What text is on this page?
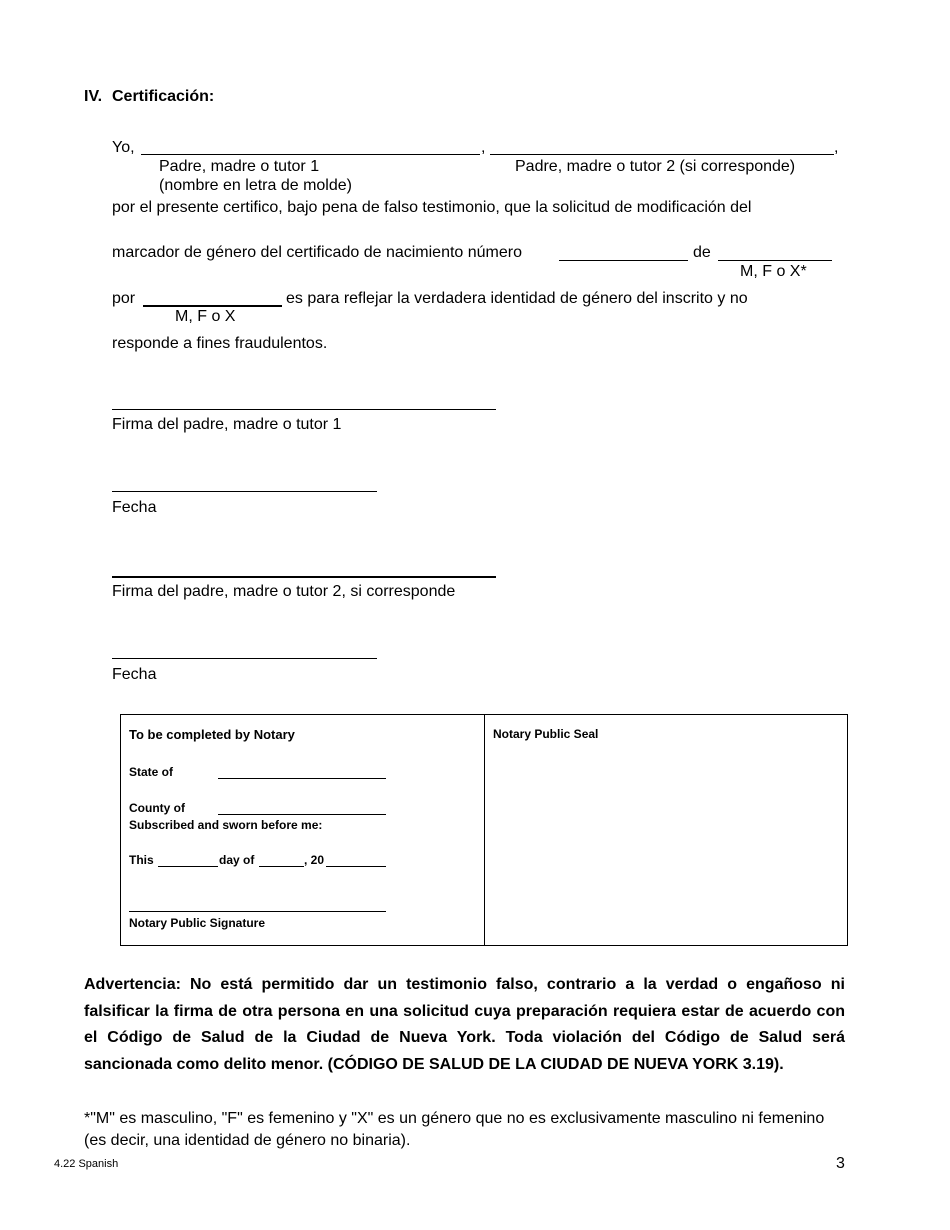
IV. Certificación:
Yo,	,	,
Padre, madre o tutor 1
(nombre en letra de molde)
Padre, madre o tutor 2 (si corresponde)
por el presente certifico, bajo pena de falso testimonio, que la solicitud de modificación del
marcador de género del certificado de nacimiento número	de
M, F o X*
por	es para reflejar la verdadera identidad de género del inscrito y no
M, F o X
responde a fines fraudulentos.
Firma del padre, madre o tutor 1
Fecha
Firma del padre, madre o tutor 2, si corresponde
Fecha
To be completed by Notary
State of
County of
Subscribed and sworn before me:
This	day of	, 20
Notary Public Signature
Notary Public Seal
Advertencia: No está permitido dar un testimonio falso, contrario a la verdad o engañoso ni falsificar la firma de otra persona en una solicitud cuya preparación requiera estar de acuerdo con el Código de Salud de la Ciudad de Nueva York. Toda violación del Código de Salud será sancionada como delito menor. (CÓDIGO DE SALUD DE LA CIUDAD DE NUEVA YORK 3.19).
*"M" es masculino, "F" es femenino y "X" es un género que no es exclusivamente masculino ni femenino (es decir, una identidad de género no binaria).
4.22 Spanish	3
